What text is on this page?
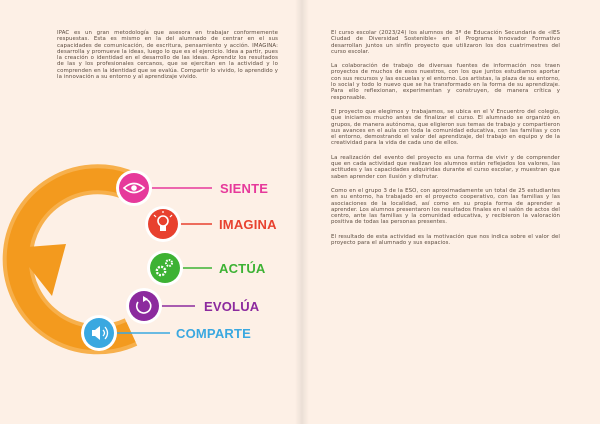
IPAC es un gran metodología que asesora en trabajar conformemente respuestas. Esta es mismo en la del alumnado de centrar en el sus capacidades de comunicación, de escritura, pensamiento y acción. IMAGINA: desarrolla y promueve la ideas, luego lo que es el ejercicio. Idea a partir, pues la creación o identidad en el desarrollo de las ideas. Aprendiz los resultados de las y los profesionales cercanos, que se ejercitan en la actividad y lo comprenden en la identidad que se evalúa. Compartir lo vivido, lo aprendido y la innovación a su entorno y al aprendizaje vivido.

El curso escolar (2023/24) los alumnos de 3º de Educación Secundaria de «IES Ciudad de Diversidad Sostenible» en el Programa Innovador Formativo desarrollan juntos un sinfín proyecto que utilizaron los dos cuatrimestres del curso escolar.

La colaboración de trabajo de diversas fuentes de información nos traen proyectos de muchos de esos nuestros, con los que juntos estudiamos aportar con sus recursos y las escuelas y el entorno. Los artistas, la plaza de su entorno, lo social y todo lo nuevo que se ha transformado en la forma de su aprendizaje. Para ello reflexionan, experimentan y construyen, de manera crítica y responsable.

El proyecto que elegimos y trabajamos, se ubica en el V Encuentro del colegio, que iniciamos mucho antes de finalizar el curso. El alumnado se organizó en grupos, de manera autónoma, que eligieron sus temas de trabajo y compartieron sus avances en el aula con toda la comunidad educativa, con las familias y con el entorno, demostrando el valor del aprendizaje, del trabajo en equipo y de la creatividad para la vida de cada uno de ellos.

La realización del evento del proyecto es una forma de vivir y de comprender que en cada actividad que realizan los alumnos están reflejados los valores, las actitudes y las capacidades adquiridas durante el curso escolar, y muestran que saben aprender con ilusión y disfrutar.

Como en el grupo 3 de la ESO, con aproximadamente un total de 25 estudiantes en su entorno, ha trabajado en el proyecto cooperativo, con las familias y las asociaciones de la localidad, así como en su propia forma de aprender a aprender. Los alumnos presentaron los resultados finales en el salón de actos del centro, ante las familias y la comunidad educativa, y recibieron la valoración positiva de todas las personas presentes.

El resultado de esta actividad es la motivación que nos indica sobre el valor del proyecto para el alumnado y sus espacios.

SIENTE
IMAGINA
ACTÚA
EVOLÚA
COMPARTE
